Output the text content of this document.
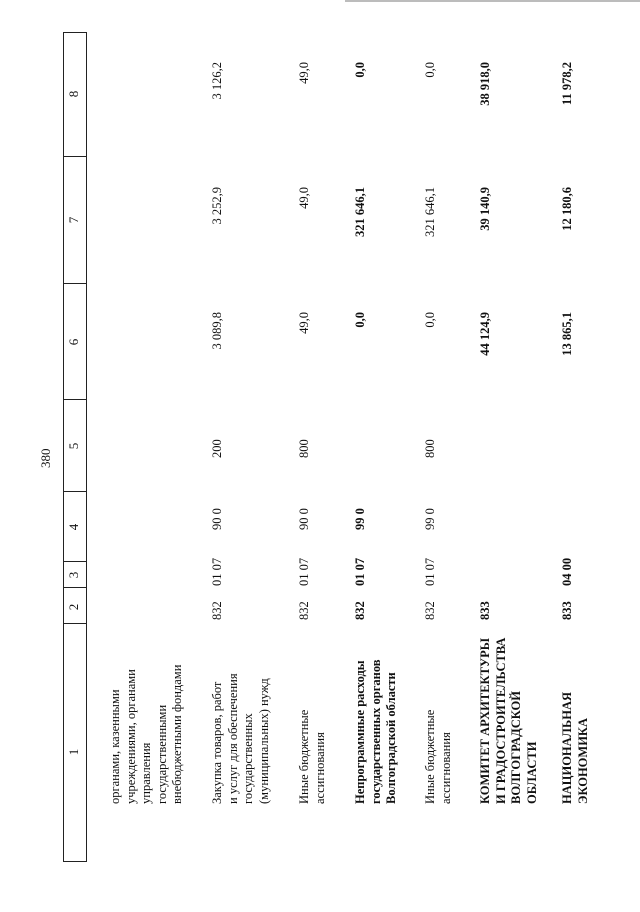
380
1
2
3
4
5
6
7
8
органами, казенными
учреждениями, органами
управления
государственными
внебюджетными фондами
Закупка товаров, работ
и услуг для обеспечения
государственных
(муниципальных) нужд
832
01 07
90 0
200
3 089,8
3 252,9
3 126,2
Иные бюджетные
ассигнования
832
01 07
90 0
800
49,0
49,0
49,0
Непрограммные расходы
государственных органов
Волгоградской области
832
01 07
99 0
0,0
321 646,1
0,0
Иные бюджетные
ассигнования
832
01 07
99 0
800
0,0
321 646,1
0,0
КОМИТЕТ АРХИТЕКТУРЫ
И ГРАДОСТРОИТЕЛЬСТВА
ВОЛГОГРАДСКОЙ
ОБЛАСТИ
833
44 124,9
39 140,9
38 918,0
НАЦИОНАЛЬНАЯ
ЭКОНОМИКА
833
04 00
13 865,1
12 180,6
11 978,2
